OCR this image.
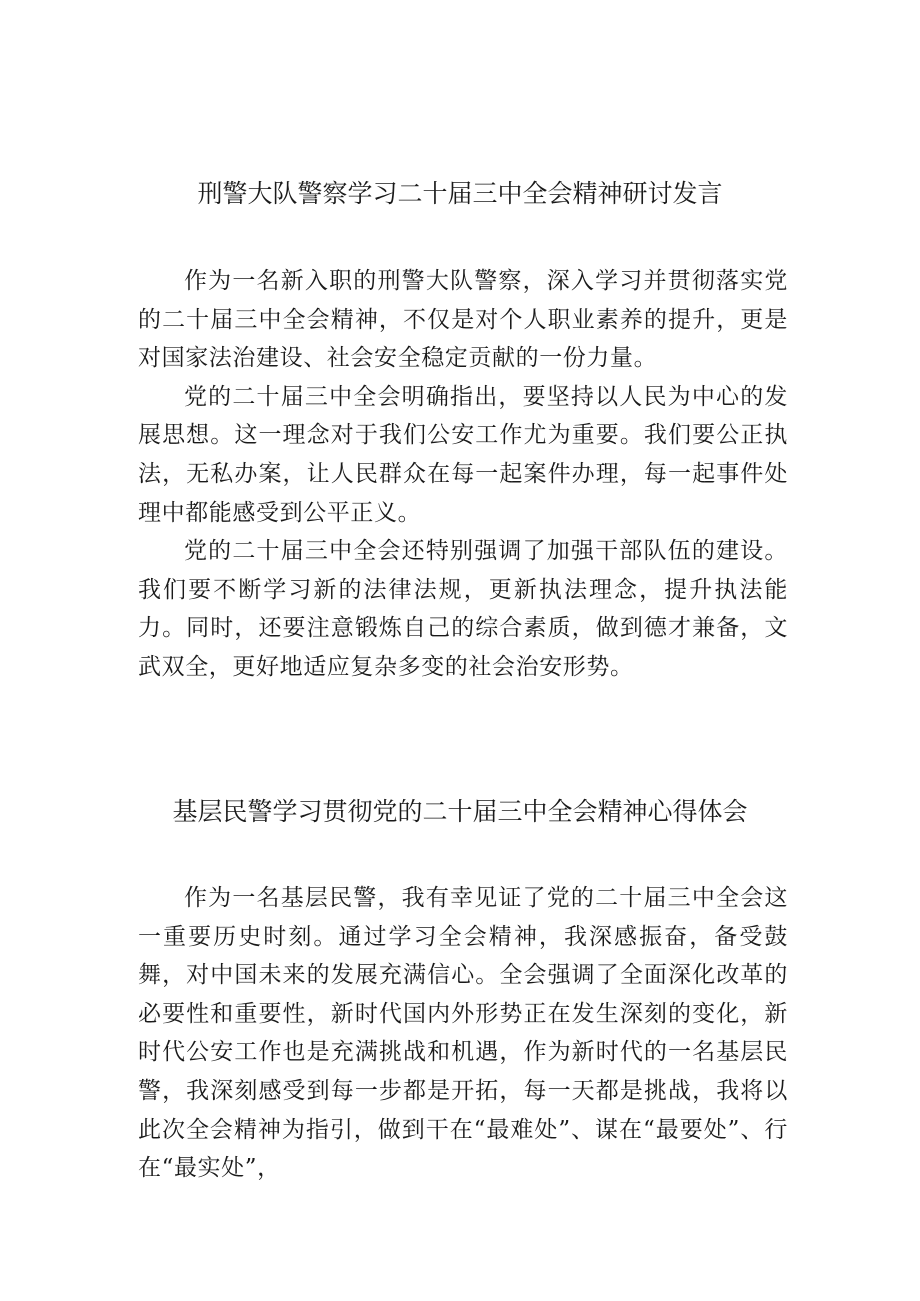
刑警大队警察学习二十届三中全会精神研讨发言

作为一名新入职的刑警大队警察，深入学习并贯彻落实党的二十届三中全会精神，不仅是对个人职业素养的提升，更是对国家法治建设、社会安全稳定贡献的一份力量。

党的二十届三中全会明确指出，要坚持以人民为中心的发展思想。这一理念对于我们公安工作尤为重要。我们要公正执法，无私办案，让人民群众在每一起案件办理，每一起事件处理中都能感受到公平正义。

党的二十届三中全会还特别强调了加强干部队伍的建设。我们要不断学习新的法律法规，更新执法理念，提升执法能力。同时，还要注意锻炼自己的综合素质，做到德才兼备，文武双全，更好地适应复杂多变的社会治安形势。

基层民警学习贯彻党的二十届三中全会精神心得体会

作为一名基层民警，我有幸见证了党的二十届三中全会这一重要历史时刻。通过学习全会精神，我深感振奋，备受鼓舞，对中国未来的发展充满信心。全会强调了全面深化改革的必要性和重要性，新时代国内外形势正在发生深刻的变化，新时代公安工作也是充满挑战和机遇，作为新时代的一名基层民警，我深刻感受到每一步都是开拓，每一天都是挑战，我将以此次全会精神为指引，做到干在“最难处”、谋在“最要处”、行在“最实处”，
